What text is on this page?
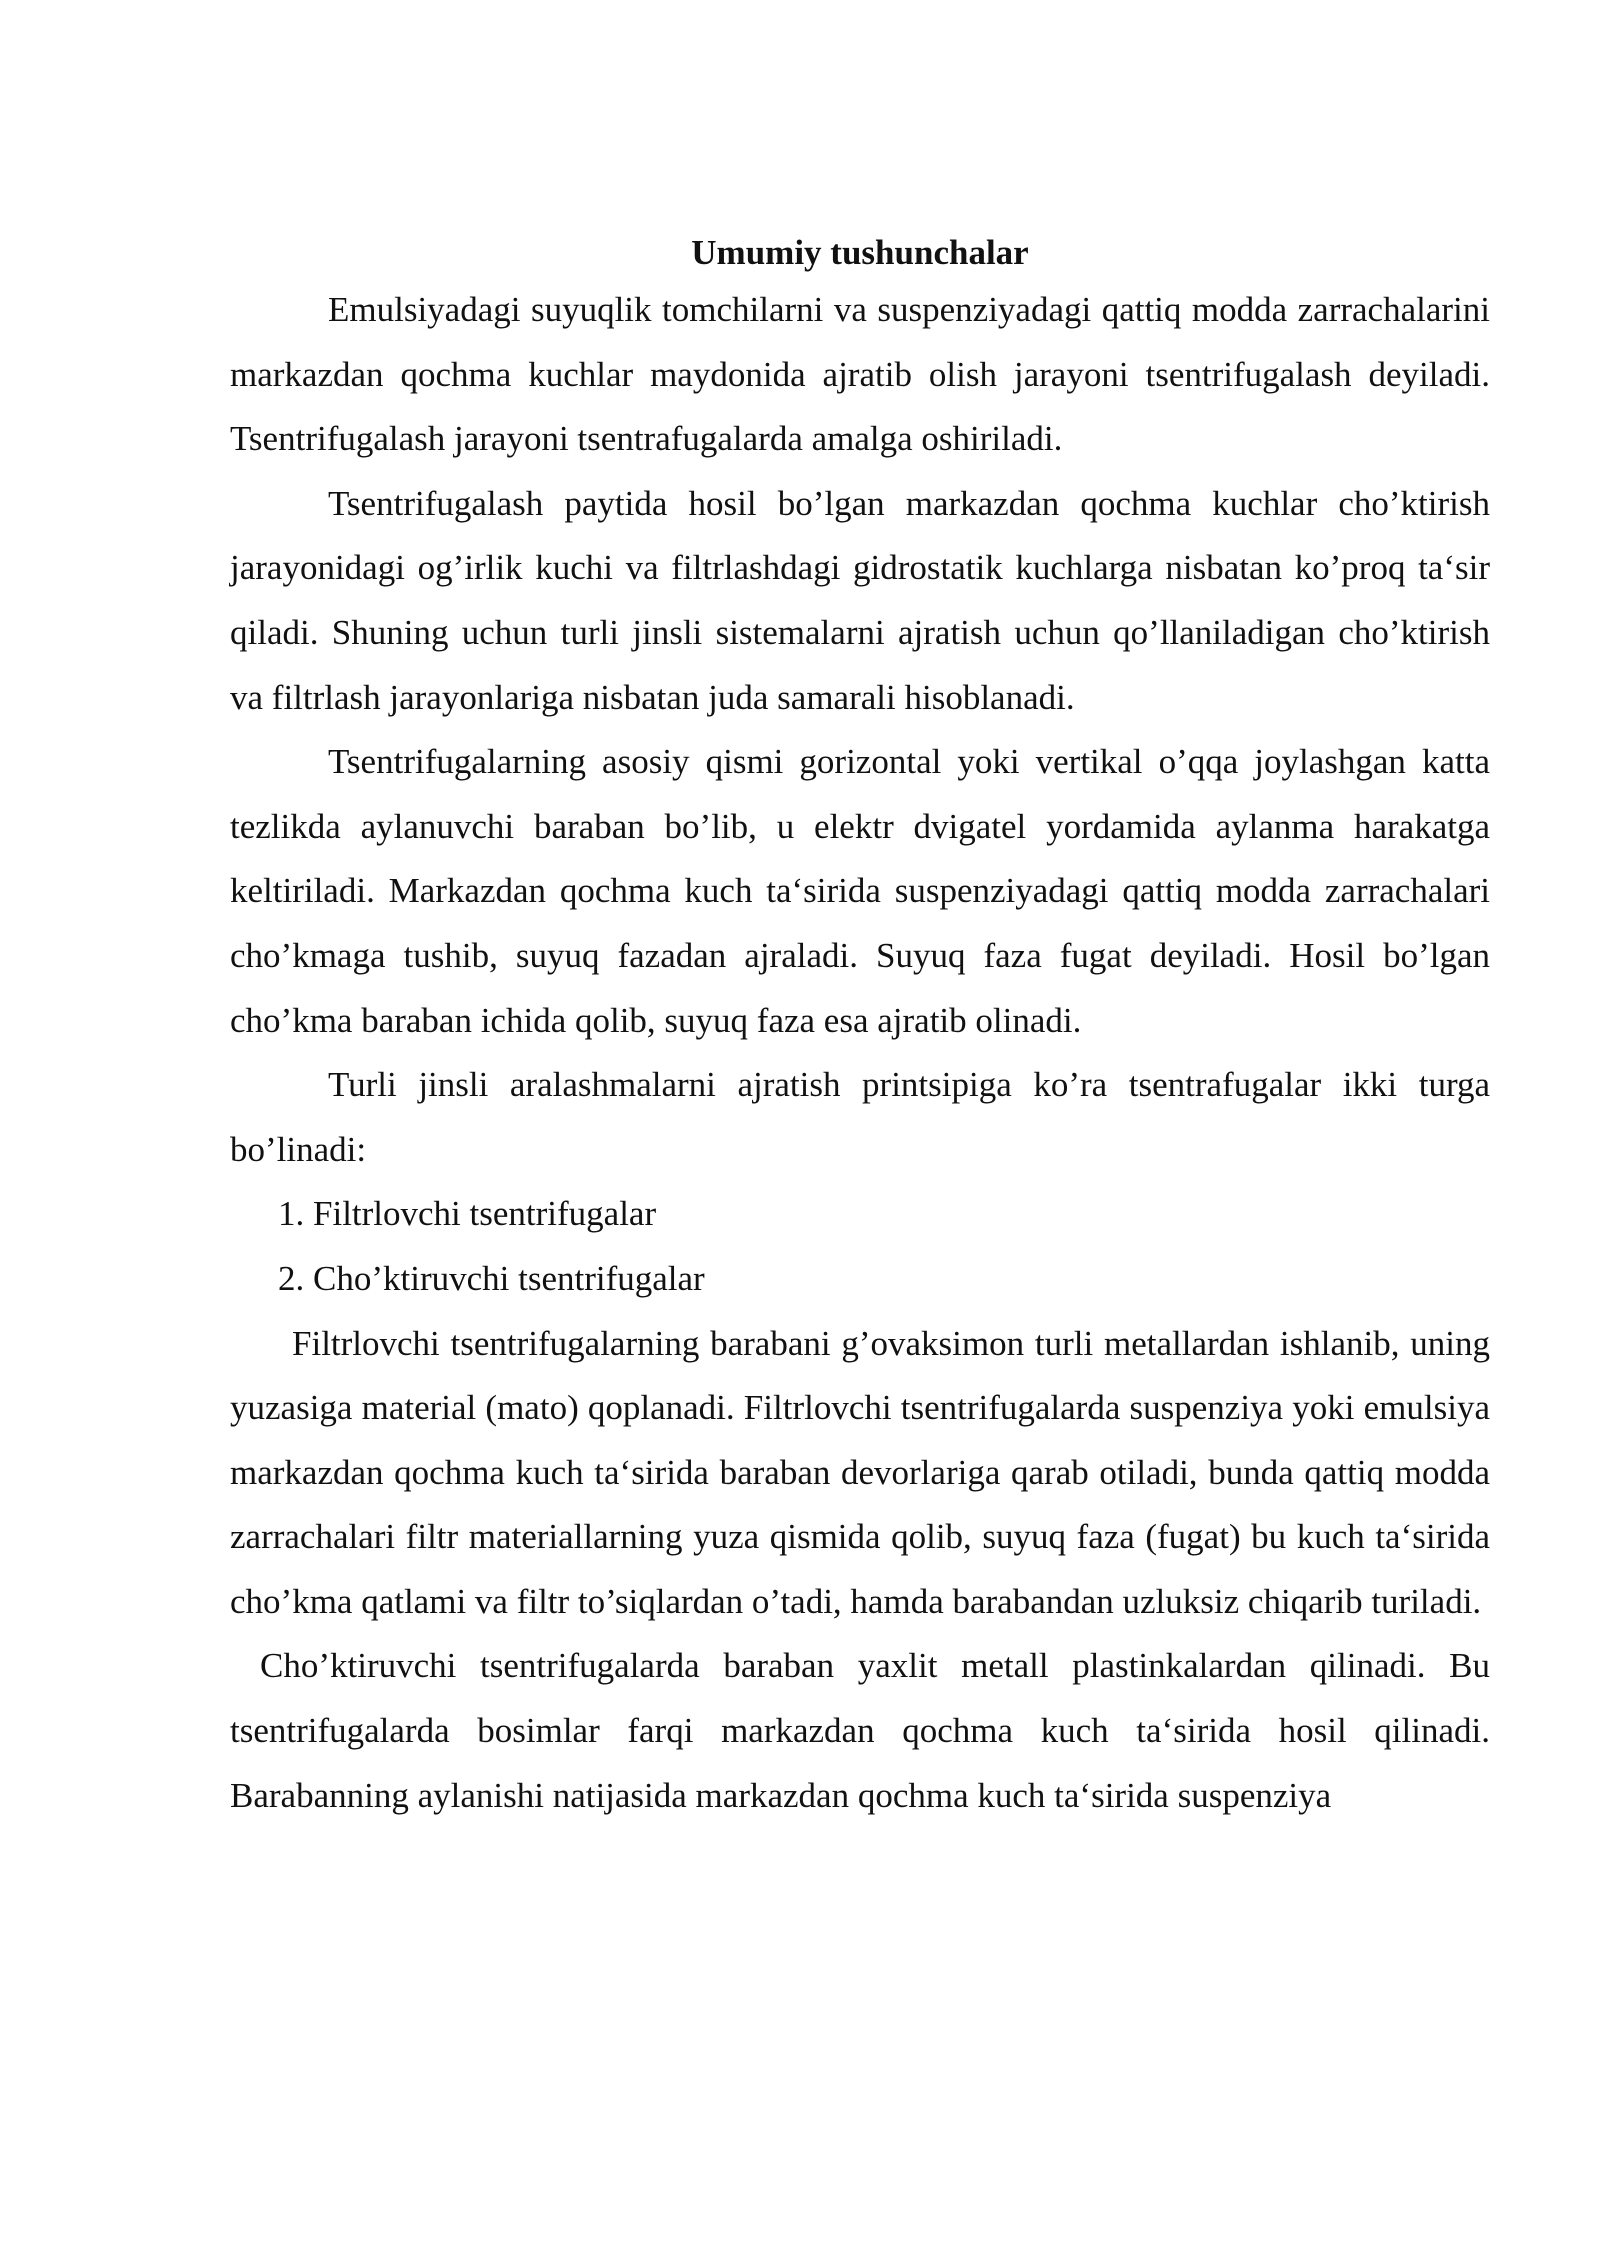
Umumiy tushunchalar

Emulsiyadagi suyuqlik tomchilarni va suspenziyadagi qattiq modda zarrachalarini markazdan qochma kuchlar maydonida ajratib olish jarayoni tsentrifugalash deyiladi. Tsentrifugalash jarayoni tsentrafugalarda amalga oshiriladi.

Tsentrifugalash paytida hosil bo’lgan markazdan qochma kuchlar cho’ktirish jarayonidagi og’irlik kuchi va filtrlashdagi gidrostatik kuchlarga nisbatan ko’proq ta‘sir qiladi. Shuning uchun turli jinsli sistemalarni ajratish uchun qo’llaniladigan cho’ktirish va filtrlash jarayonlariga nisbatan juda samarali hisoblanadi.

Tsentrifugalarning asosiy qismi gorizontal yoki vertikal o’qqa joylashgan katta tezlikda aylanuvchi baraban bo’lib, u elektr dvigatel yordamida aylanma harakatga keltiriladi. Markazdan qochma kuch ta‘sirida suspenziyadagi qattiq modda zarrachalari cho’kmaga tushib, suyuq fazadan ajraladi. Suyuq faza fugat deyiladi. Hosil bo’lgan cho’kma baraban ichida qolib, suyuq faza esa ajratib olinadi.

Turli jinsli aralashmalarni ajratish printsipiga ko’ra tsentrafugalar ikki turga bo’linadi:

1. Filtrlovchi tsentrifugalar

2. Cho’ktiruvchi tsentrifugalar

Filtrlovchi tsentrifugalarning barabani g’ovaksimon turli metallardan ishlanib, uning yuzasiga material (mato) qoplanadi. Filtrlovchi tsentrifugalarda suspenziya yoki emulsiya markazdan qochma kuch ta‘sirida baraban devorlariga qarab otiladi, bunda qattiq modda zarrachalari filtr materiallarning yuza qismida qolib, suyuq faza (fugat) bu kuch ta‘sirida cho’kma qatlami va filtr to’siqlardan o’tadi, hamda barabandan uzluksiz chiqarib turiladi.

Cho’ktiruvchi tsentrifugalarda baraban yaxlit metall plastinkalardan qilinadi. Bu tsentrifugalarda bosimlar farqi markazdan qochma kuch ta‘sirida hosil qilinadi. Barabanning aylanishi natijasida markazdan qochma kuch ta‘sirida suspenziya
